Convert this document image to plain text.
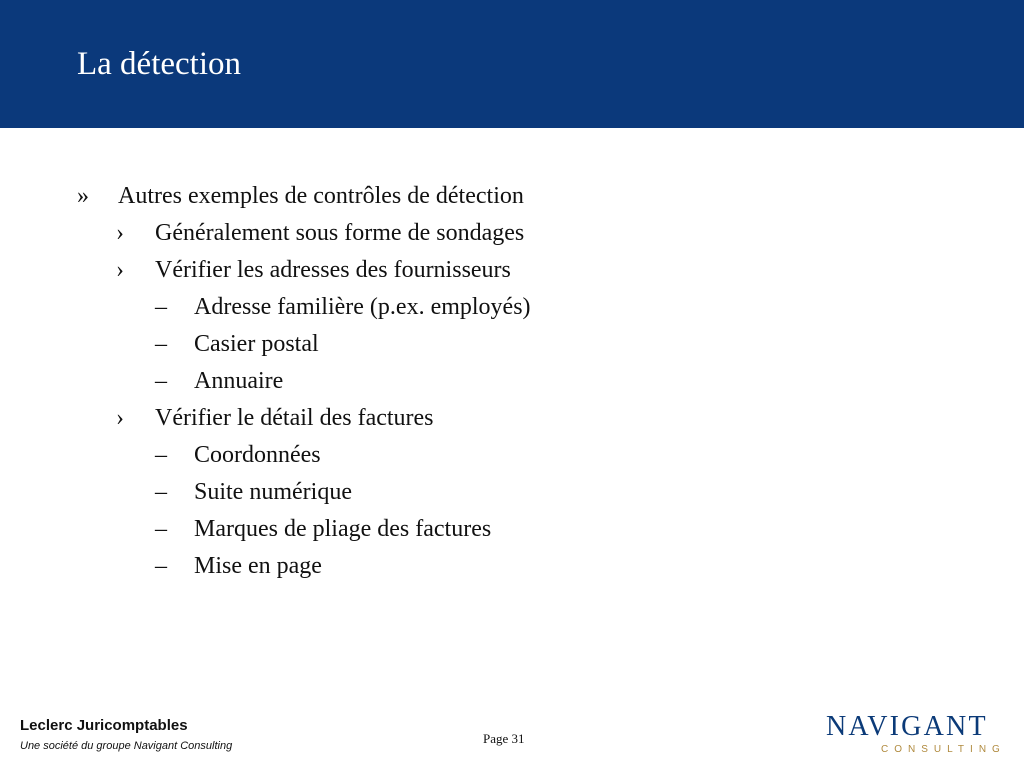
La détection
» Autres exemples de contrôles de détection
› Généralement sous forme de sondages
› Vérifier les adresses des fournisseurs
– Adresse familière (p.ex. employés)
– Casier postal
– Annuaire
› Vérifier le détail des factures
– Coordonnées
– Suite numérique
– Marques de pliage des factures
– Mise en page
Leclerc Juricomptables
Une société du groupe Navigant Consulting	Page 31	NAVIGANT
CONSULTING
